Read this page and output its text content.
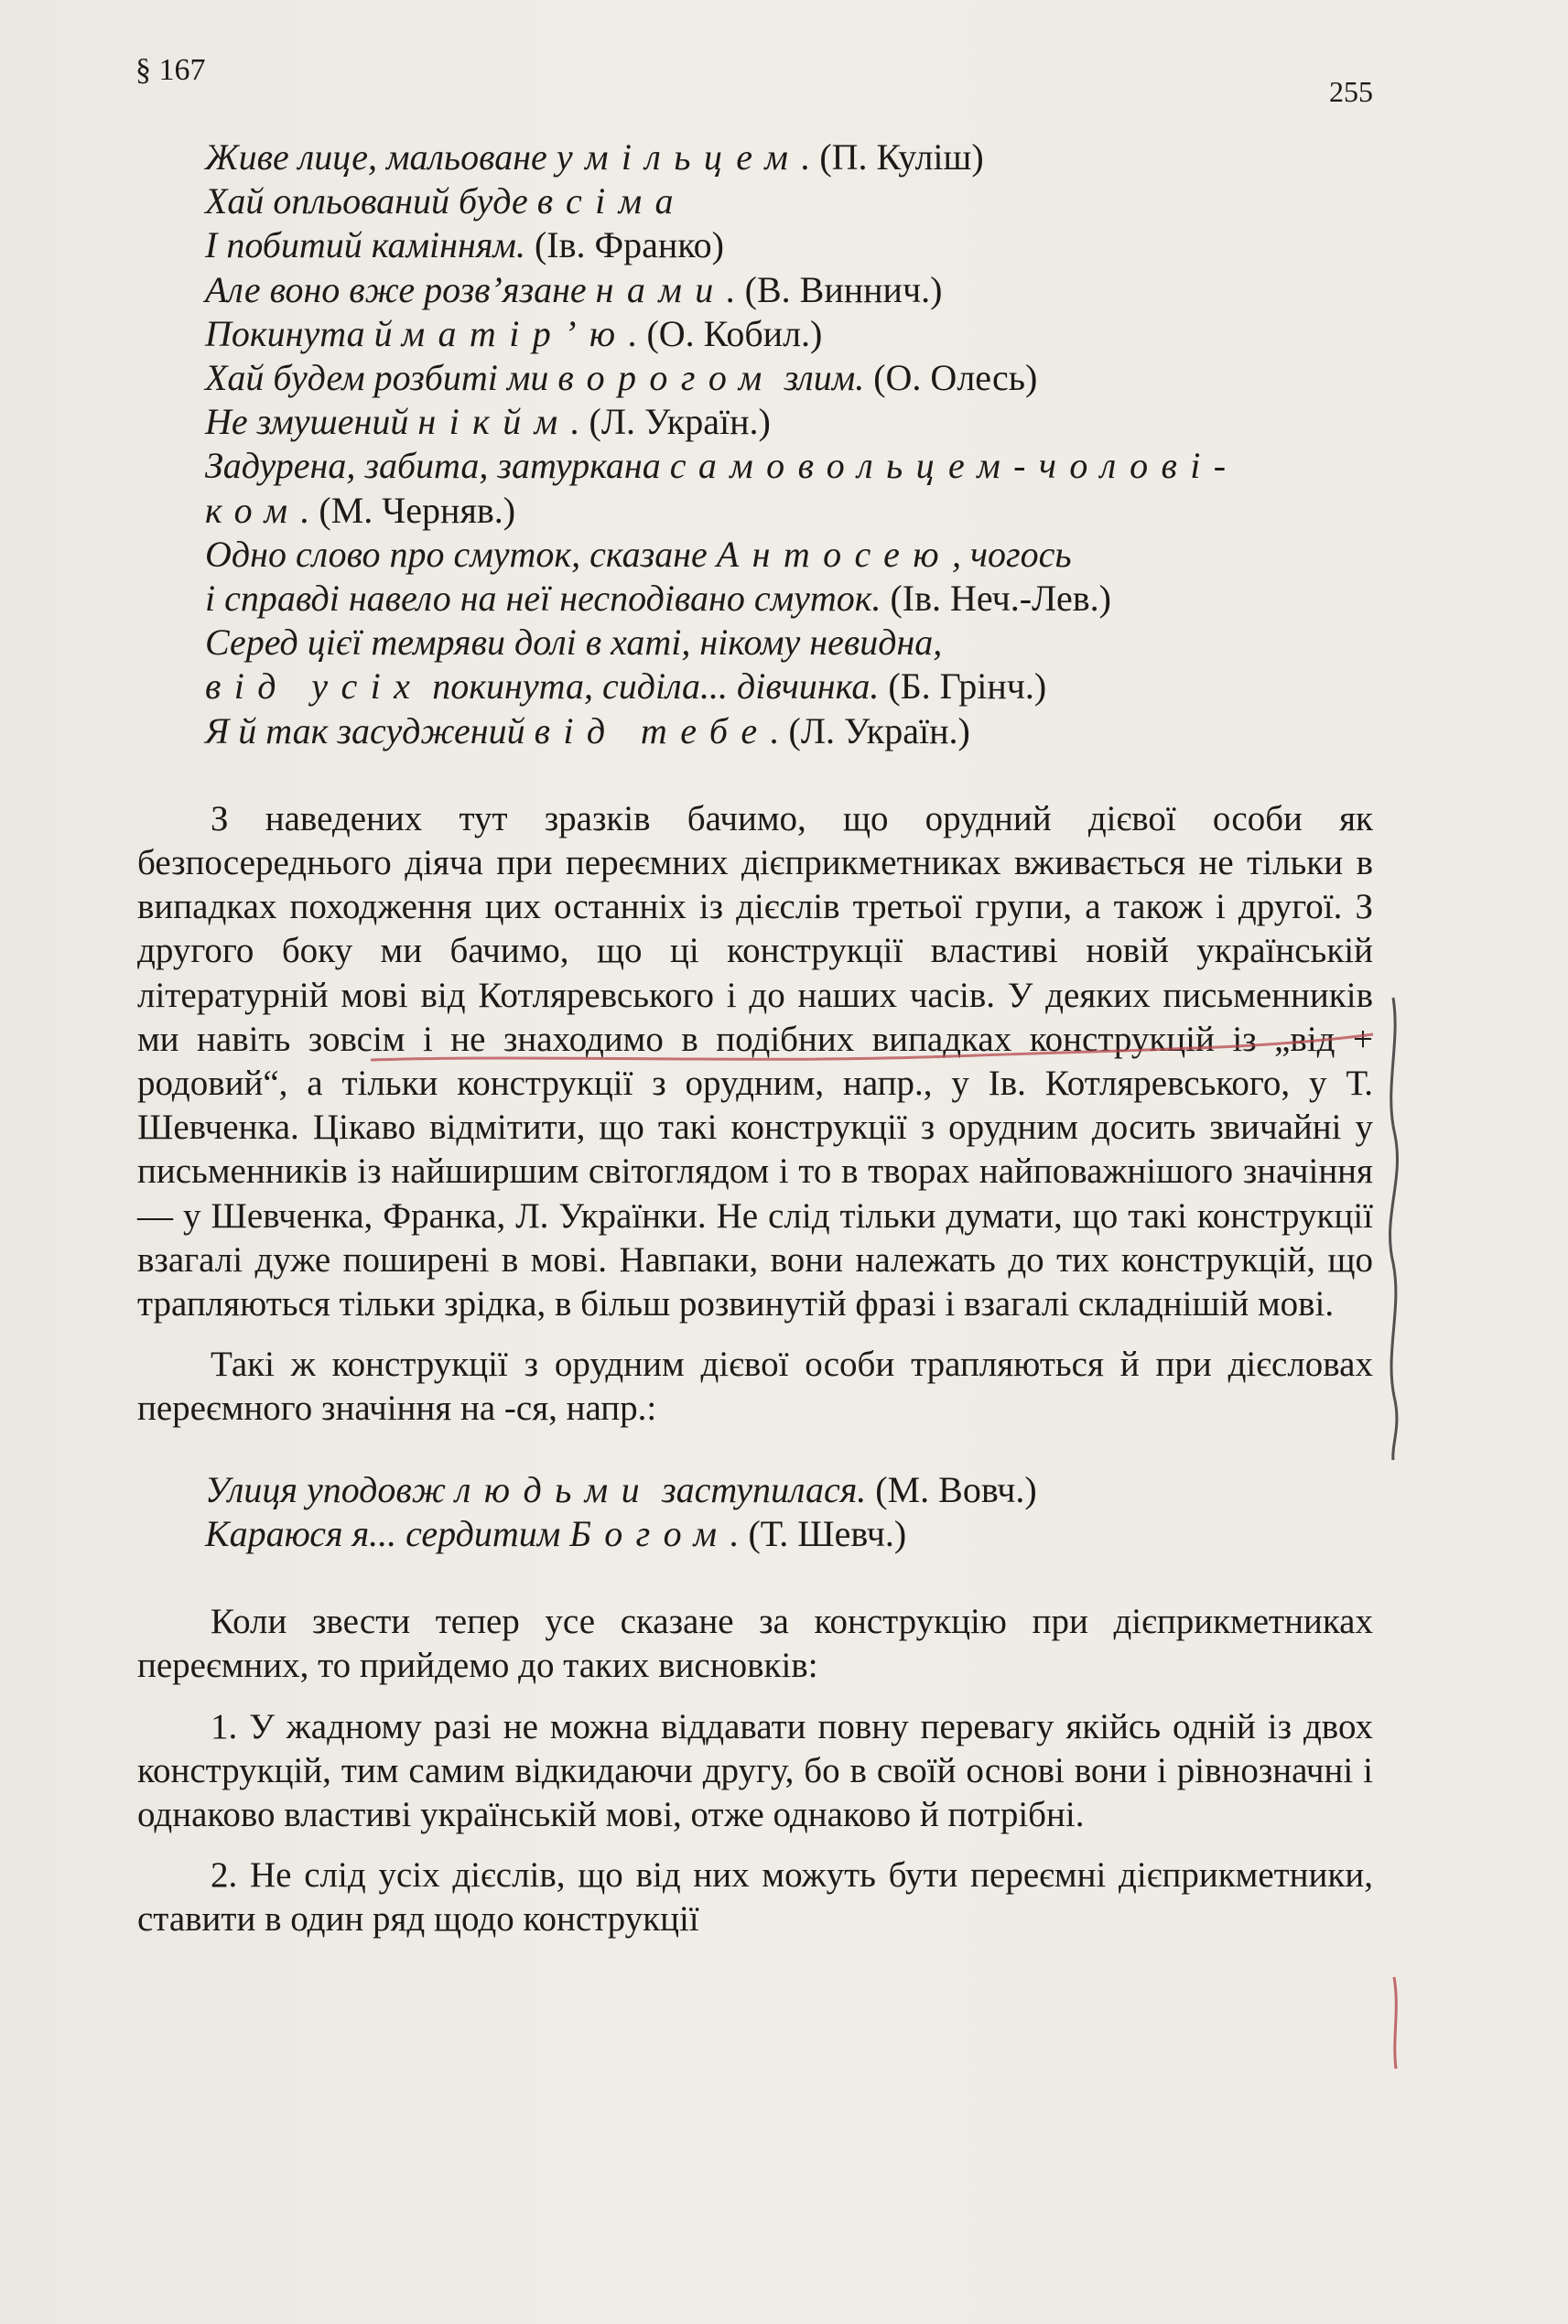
§ 167
255
Живе лице, мальоване умільцем. (П. Куліш)
Хай опльований буде всіма
І побитий камінням. (Ів. Франко)
Але воно вже розв’язане нами. (В. Виннич.)
Покинута й матір’ю. (О. Кобил.)
Хай будем розбиті ми ворогом злим. (О. Олесь)
Не змушений нікйм. (Л. Україн.)
Задурена, забита, затуркана самовольцем-чолові-
ком. (М. Черняв.)
Одно слово про смуток, сказане Антосею, чогось
і справді навело на неї несподівано смуток. (Ів. Неч.-Лев.)
Серед цієї темряви долі в хаті, нікому невидна,
від усіх покинута, сиділа... дівчинка. (Б. Грінч.)
Я й так засуджений від тебе. (Л. Україн.)

З наведених тут зразків бачимо, що орудний дієвої особи як безпосереднього діяча при переємних дієприкметниках вживається не тільки в випадках походження цих останніх із дієслів третьої групи, а також і другої. З другого боку ми бачимо, що ці конструкції властиві новій українській літературній мові від Котляревського і до наших часів. У деяких письменників ми навіть зовсім і не знаходимо в подібних випадках конструкцій із „від + родовий“, а тільки конструкції з орудним, напр., у Ів. Котляревського, у Т. Шевченка. Цікаво відмітити, що такі конструкції з орудним досить звичайні у письменників із найширшим світоглядом і то в творах найповажнішого значіння — у Шевченка, Франка, Л. Українки. Не слід тільки думати, що такі конструкції взагалі дуже поширені в мові. Навпаки, вони належать до тих конструкцій, що трапляються тільки зрідка, в більш розвинутій фразі і взагалі складнішій мові.

Такі ж конструкції з орудним дієвої особи трапляються й при дієсловах переємного значіння на -ся, напр.:

Улиця уподовж людьми заступилася. (М. Вовч.)
Караюся я... сердитим Богом. (Т. Шевч.)

Коли звести тепер усе сказане за конструкцію при дієприкметниках переємних, то прийдемо до таких висновків:

1. У жадному разі не можна віддавати повну перевагу якійсь одній із двох конструкцій, тим самим відкидаючи другу, бо в своїй основі вони і рівнозначні і однаково властиві українській мові, отже однаково й потрібні.

2. Не слід усіх дієслів, що від них можуть бути переємні дієприкметники, ставити в один ряд щодо конструкції
